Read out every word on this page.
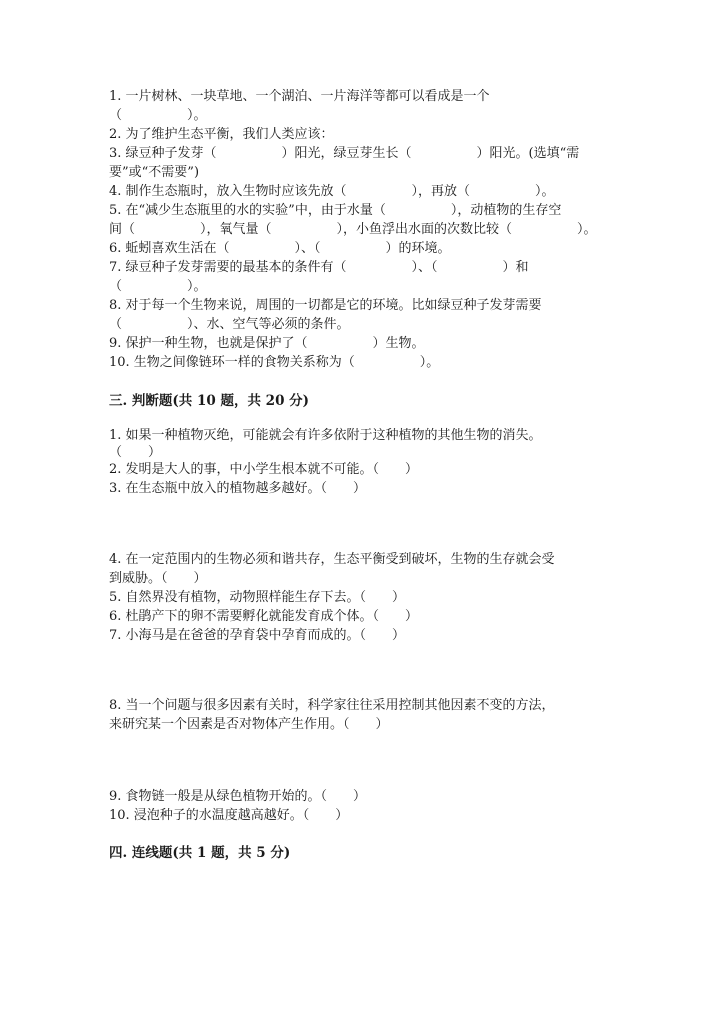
1. 一片树林、一块草地、一个湖泊、一片海洋等都可以看成是一个

（　　　　　）。

2. 为了维护生态平衡，我们人类应该：

3. 绿豆种子发芽（　　　　　）阳光，绿豆芽生长（　　　　　）阳光。(选填“需

要”或“不需要”)

4. 制作生态瓶时，放入生物时应该先放（　　　　　），再放（　　　　　）。

5. 在“减少生态瓶里的水的实验”中，由于水量（　　　　　），动植物的生存空

间（　　　　　），氧气量（　　　　　），小鱼浮出水面的次数比较（　　　　　）。

6. 蚯蚓喜欢生活在（　　　　　）、（　　　　　）的环境。

7. 绿豆种子发芽需要的最基本的条件有（　　　　　）、（　　　　　）和

（　　　　　）。

8. 对于每一个生物来说，周围的一切都是它的环境。比如绿豆种子发芽需要

（　　　　　）、水、空气等必须的条件。

9. 保护一种生物，也就是保护了（　　　　　）生物。

10. 生物之间像链环一样的食物关系称为（　　　　　）。

三. 判断题(共 10 题，共 20 分)

1. 如果一种植物灭绝，可能就会有许多依附于这种植物的其他生物的消失。

（　　）

2. 发明是大人的事，中小学生根本就不可能。（　　）

3. 在生态瓶中放入的植物越多越好。（　　）

4. 在一定范围内的生物必须和谐共存，生态平衡受到破坏，生物的生存就会受

到威胁。（　　）

5. 自然界没有植物，动物照样能生存下去。（　　）

6. 杜鹃产下的卵不需要孵化就能发育成个体。（　　）

7. 小海马是在爸爸的孕育袋中孕育而成的。（　　）

8. 当一个问题与很多因素有关时，科学家往往采用控制其他因素不变的方法，

来研究某一个因素是否对物体产生作用。（　　）

9. 食物链一般是从绿色植物开始的。（　　）

10. 浸泡种子的水温度越高越好。（　　）

四. 连线题(共 1 题，共 5 分)
